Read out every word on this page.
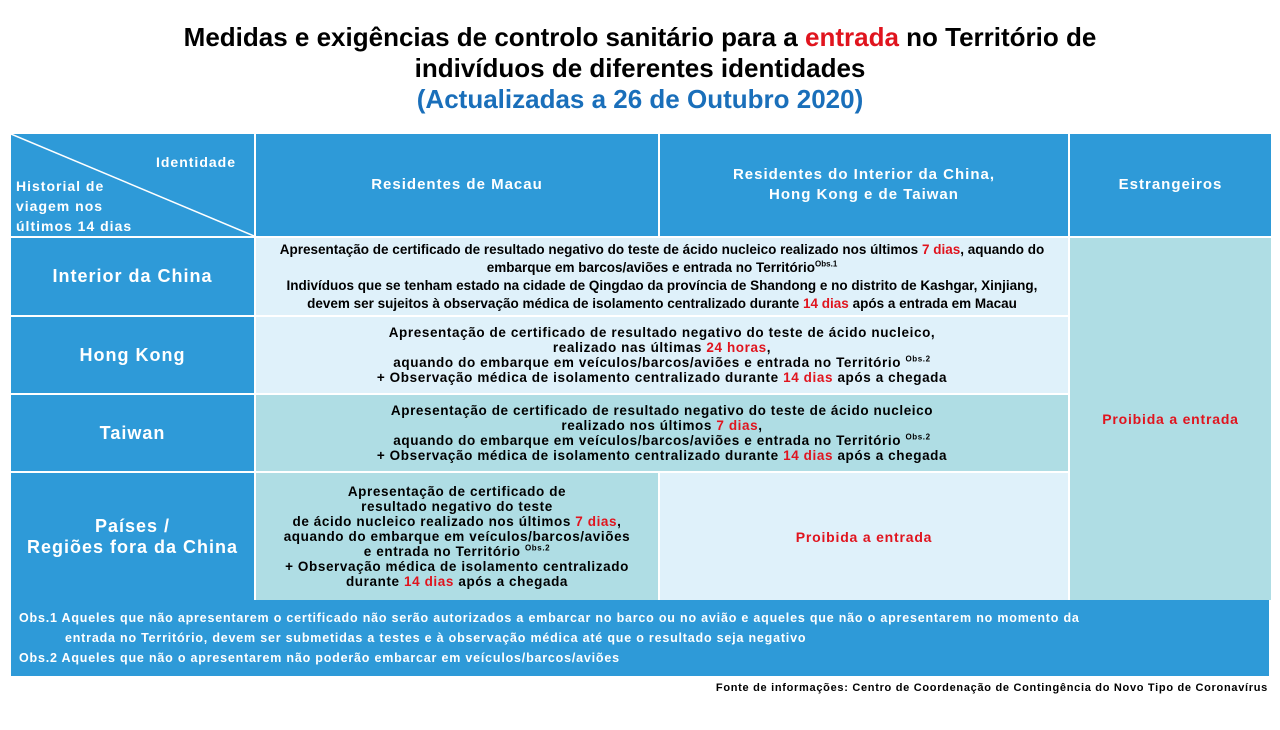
Medidas e exigências de controlo sanitário para a entrada no Território de
indivíduos de diferentes identidades
(Actualizadas a 26 de Outubro 2020)
Identidade
Historial de
viagem nos
últimos 14 dias
Residentes de Macau
Residentes do Interior da China,
Hong Kong e de Taiwan
Estrangeiros
Interior da China
Apresentação de certificado de resultado negativo do teste de ácido nucleico realizado nos últimos 7 dias, aquando do
embarque em barcos/aviões e entrada no Território$^{Obs.1}$
Indivíduos que se tenham estado na cidade de Qingdao da província de Shandong e no distrito de Kashgar, Xinjiang,
devem ser sujeitos à observação médica de isolamento centralizado durante 14 dias após a entrada em Macau
Proibida a entrada
Hong Kong
Apresentação de certificado de resultado negativo do teste de ácido nucleico,
realizado nas últimas 24 horas,
aquando do embarque em veículos/barcos/aviões e entrada no Território $^{Obs.2}$
+ Observação médica de isolamento centralizado durante 14 dias após a chegada
Taiwan
Apresentação de certificado de resultado negativo do teste de ácido nucleico
realizado nos últimos 7 dias,
aquando do embarque em veículos/barcos/aviões e entrada no Território $^{Obs.2}$
+ Observação médica de isolamento centralizado durante 14 dias após a chegada
Países /
Regiões fora da China
Apresentação de certificado de
resultado negativo do teste
de ácido nucleico realizado nos últimos 7 dias,
aquando do embarque em veículos/barcos/aviões
e entrada no Território $^{Obs.2}$
+ Observação médica de isolamento centralizado
durante 14 dias após a chegada
Proibida a entrada
Obs.1 Aqueles que não apresentarem o certificado não serão autorizados a embarcar no barco ou no avião e aqueles que não o apresentarem no momento da
entrada no Território, devem ser submetidas a testes e à observação médica até que o resultado seja negativo
Obs.2 Aqueles que não o apresentarem não poderão embarcar em veículos/barcos/aviões
Fonte de informações: Centro de Coordenação de Contingência do Novo Tipo de Coronavírus
